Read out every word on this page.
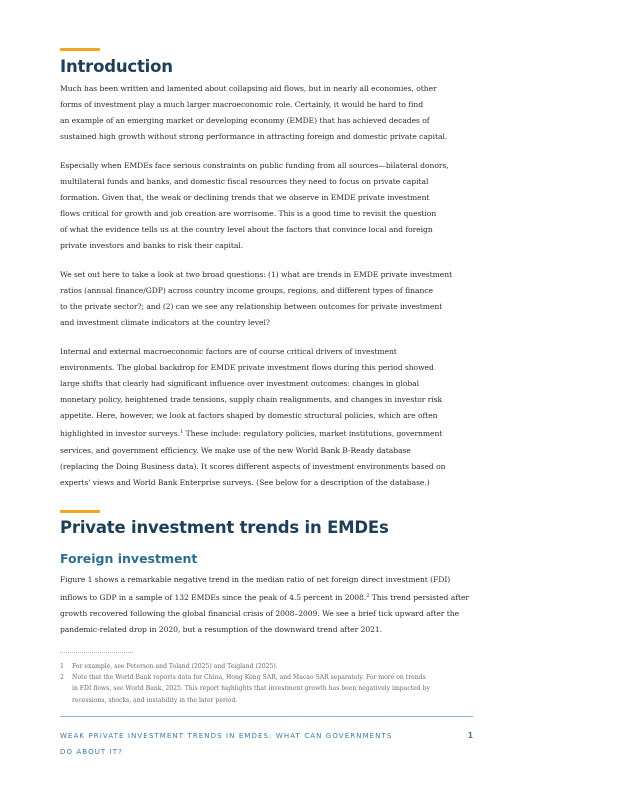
Introduction
Much has been written and lamented about collapsing aid flows, but in nearly all economies, other
forms of investment play a much larger macroeconomic role. Certainly, it would be hard to find
an example of an emerging market or developing economy (EMDE) that has achieved decades of
sustained high growth without strong performance in attracting foreign and domestic private capital.
Especially when EMDEs face serious constraints on public funding from all sources—bilateral donors,
multilateral funds and banks, and domestic fiscal resources they need to focus on private capital
formation. Given that, the weak or declining trends that we observe in EMDE private investment
flows critical for growth and job creation are worrisome. This is a good time to revisit the question
of what the evidence tells us at the country level about the factors that convince local and foreign
private investors and banks to risk their capital.
We set out here to take a look at two broad questions: (1) what are trends in EMDE private investment
ratios (annual finance/GDP) across country income groups, regions, and different types of finance
to the private sector?; and (2) can we see any relationship between outcomes for private investment
and investment climate indicators at the country level?
Internal and external macroeconomic factors are of course critical drivers of investment
environments. The global backdrop for EMDE private investment flows during this period showed
large shifts that clearly had significant influence over investment outcomes: changes in global
monetary policy, heightened trade tensions, supply chain realignments, and changes in investor risk
appetite. Here, however, we look at factors shaped by domestic structural policies, which are often
highlighted in investor surveys.$^1$ These include: regulatory policies, market institutions, government
services, and government efficiency. We make use of the new World Bank B-Ready database
(replacing the Doing Business data). It scores different aspects of investment environments based on
experts' views and World Bank Enterprise surveys. (See below for a description of the database.)
Private investment trends in EMDEs
Foreign investment
Figure 1 shows a remarkable negative trend in the median ratio of net foreign direct investment (FDI)
inflows to GDP in a sample of 132 EMDEs since the peak of 4.5 percent in 2008.$^2$ This trend persisted after
growth recovered following the global financial crisis of 2008–2009. We see a brief tick upward after the
pandemic-related drop in 2020, but a resumption of the downward trend after 2021.
1 For example, see Peterson and Toland (2025) and Teigland (2025).
2 Note that the World Bank reports data for China, Hong Kong SAR, and Macao SAR separately. For more on trends
in FDI flows, see World Bank, 2025. This report highlights that investment growth has been negatively impacted by
recessions, shocks, and instability in the later period.
WEAK PRIVATE INVESTMENT TRENDS IN EMDES: WHAT CAN GOVERNMENTS
DO ABOUT IT?
1
